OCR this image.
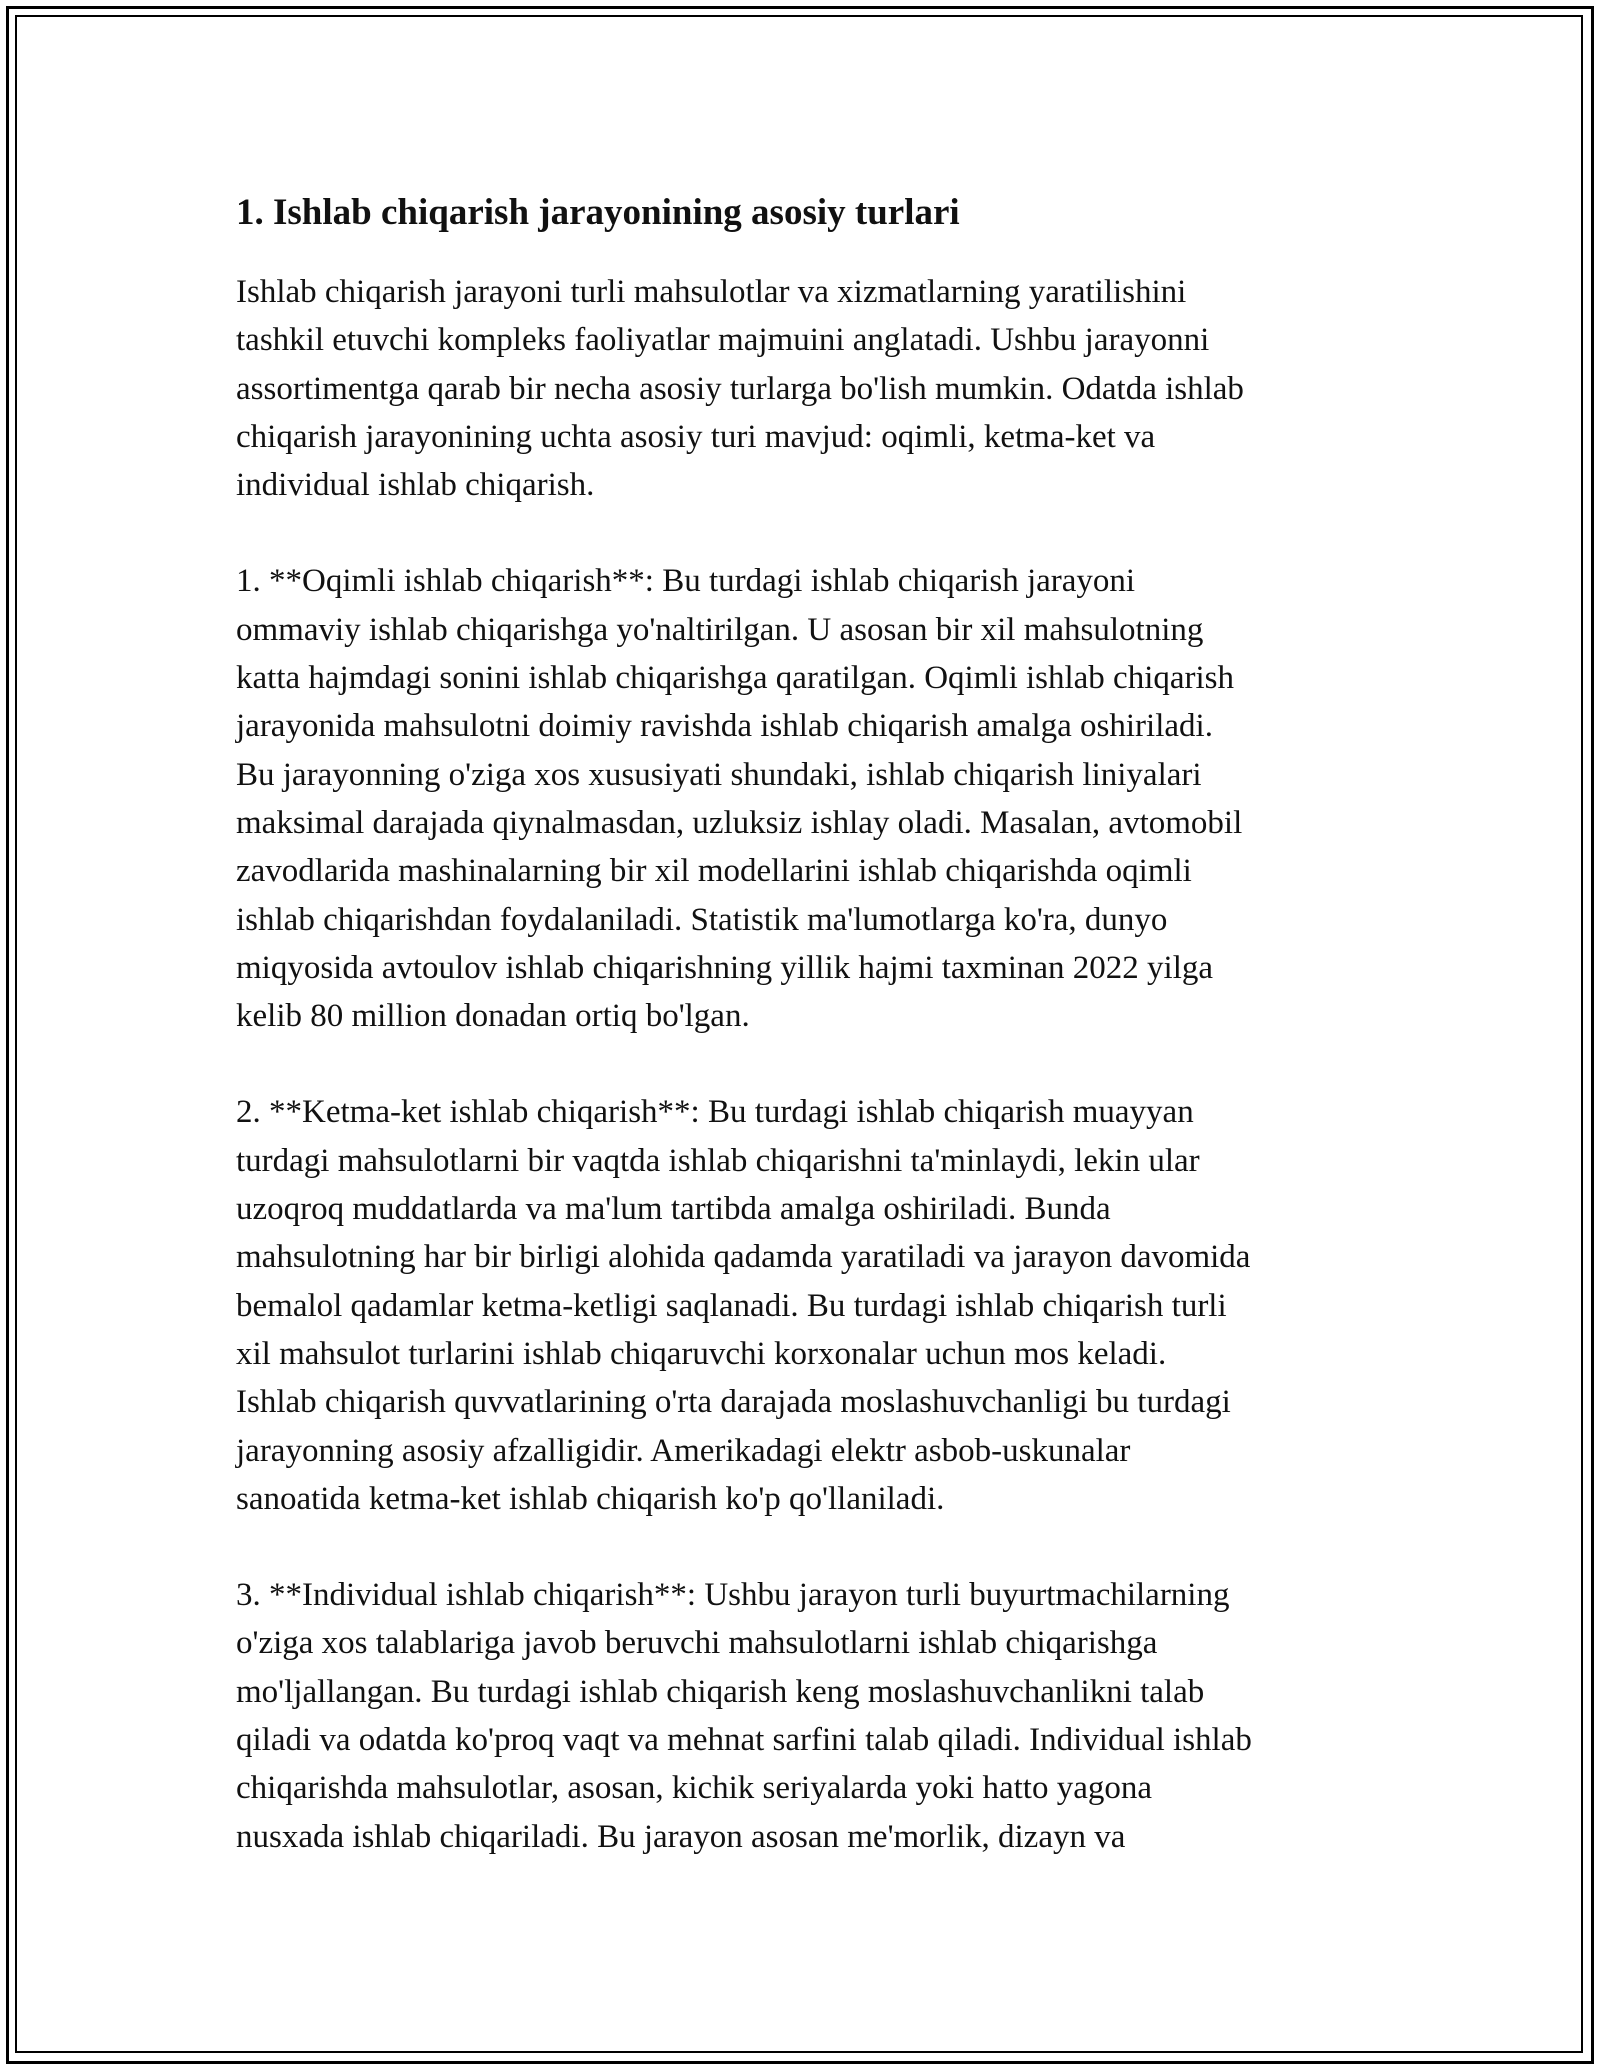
1. Ishlab chiqarish jarayonining asosiy turlari

Ishlab chiqarish jarayoni turli mahsulotlar va xizmatlarning yaratilishini
tashkil etuvchi kompleks faoliyatlar majmuini anglatadi. Ushbu jarayonni
assortimentga qarab bir necha asosiy turlarga bo'lish mumkin. Odatda ishlab
chiqarish jarayonining uchta asosiy turi mavjud: oqimli, ketma-ket va
individual ishlab chiqarish.

1. **Oqimli ishlab chiqarish**: Bu turdagi ishlab chiqarish jarayoni
ommaviy ishlab chiqarishga yo'naltirilgan. U asosan bir xil mahsulotning
katta hajmdagi sonini ishlab chiqarishga qaratilgan. Oqimli ishlab chiqarish
jarayonida mahsulotni doimiy ravishda ishlab chiqarish amalga oshiriladi.
Bu jarayonning o'ziga xos xususiyati shundaki, ishlab chiqarish liniyalari
maksimal darajada qiynalmasdan, uzluksiz ishlay oladi. Masalan, avtomobil
zavodlarida mashinalarning bir xil modellarini ishlab chiqarishda oqimli
ishlab chiqarishdan foydalaniladi. Statistik ma'lumotlarga ko'ra, dunyo
miqyosida avtoulov ishlab chiqarishning yillik hajmi taxminan 2022 yilga
kelib 80 million donadan ortiq bo'lgan.

2. **Ketma-ket ishlab chiqarish**: Bu turdagi ishlab chiqarish muayyan
turdagi mahsulotlarni bir vaqtda ishlab chiqarishni ta'minlaydi, lekin ular
uzoqroq muddatlarda va ma'lum tartibda amalga oshiriladi. Bunda
mahsulotning har bir birligi alohida qadamda yaratiladi va jarayon davomida
bemalol qadamlar ketma-ketligi saqlanadi. Bu turdagi ishlab chiqarish turli
xil mahsulot turlarini ishlab chiqaruvchi korxonalar uchun mos keladi.
Ishlab chiqarish quvvatlarining o'rta darajada moslashuvchanligi bu turdagi
jarayonning asosiy afzalligidir. Amerikadagi elektr asbob-uskunalar
sanoatida ketma-ket ishlab chiqarish ko'p qo'llaniladi.

3. **Individual ishlab chiqarish**: Ushbu jarayon turli buyurtmachilarning
o'ziga xos talablariga javob beruvchi mahsulotlarni ishlab chiqarishga
mo'ljallangan. Bu turdagi ishlab chiqarish keng moslashuvchanlikni talab
qiladi va odatda ko'proq vaqt va mehnat sarfini talab qiladi. Individual ishlab
chiqarishda mahsulotlar, asosan, kichik seriyalarda yoki hatto yagona
nusxada ishlab chiqariladi. Bu jarayon asosan me'morlik, dizayn va
